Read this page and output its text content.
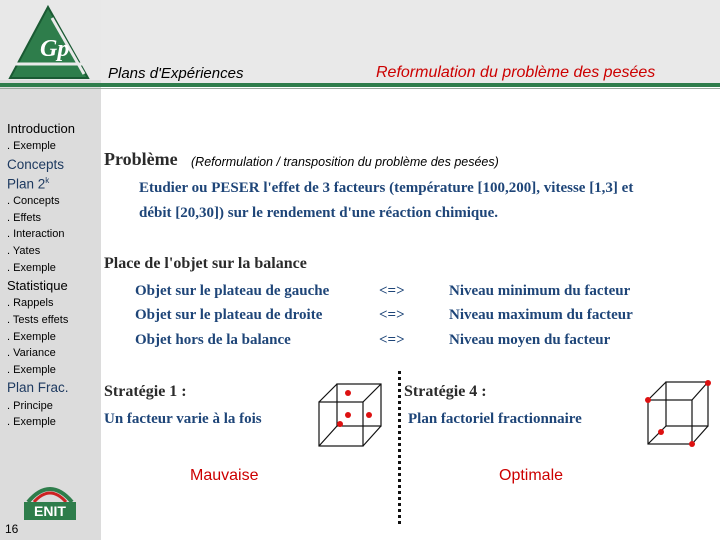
Gp
Plans d'Expériences	Reformulation du problème des pesées
Introduction
. Exemple
Concepts
Plan 2$^k$
. Concepts
. Effets
. Interaction
. Yates
. Exemple
Statistique
. Rappels
. Tests effets
. Exemple
. Variance
. Exemple
Plan Frac.
. Principe
. Exemple
ENIT
16
Problème (Reformulation / transposition du problème des pesées)
Etudier ou PESER l'effet de 3 facteurs (température [100,200], vitesse [1,3] et
débit [20,30]) sur le rendement d'une réaction chimique.
Place de l'objet sur la balance
Objet sur le plateau de gauche	<=>	Niveau minimum du facteur
Objet sur le plateau de droite	<=>	Niveau maximum du facteur
Objet hors de la balance	<=>	Niveau moyen du facteur
Stratégie 1 :
Un facteur varie à la fois
Stratégie 4 :
Plan factoriel fractionnaire
Mauvaise	Optimale
